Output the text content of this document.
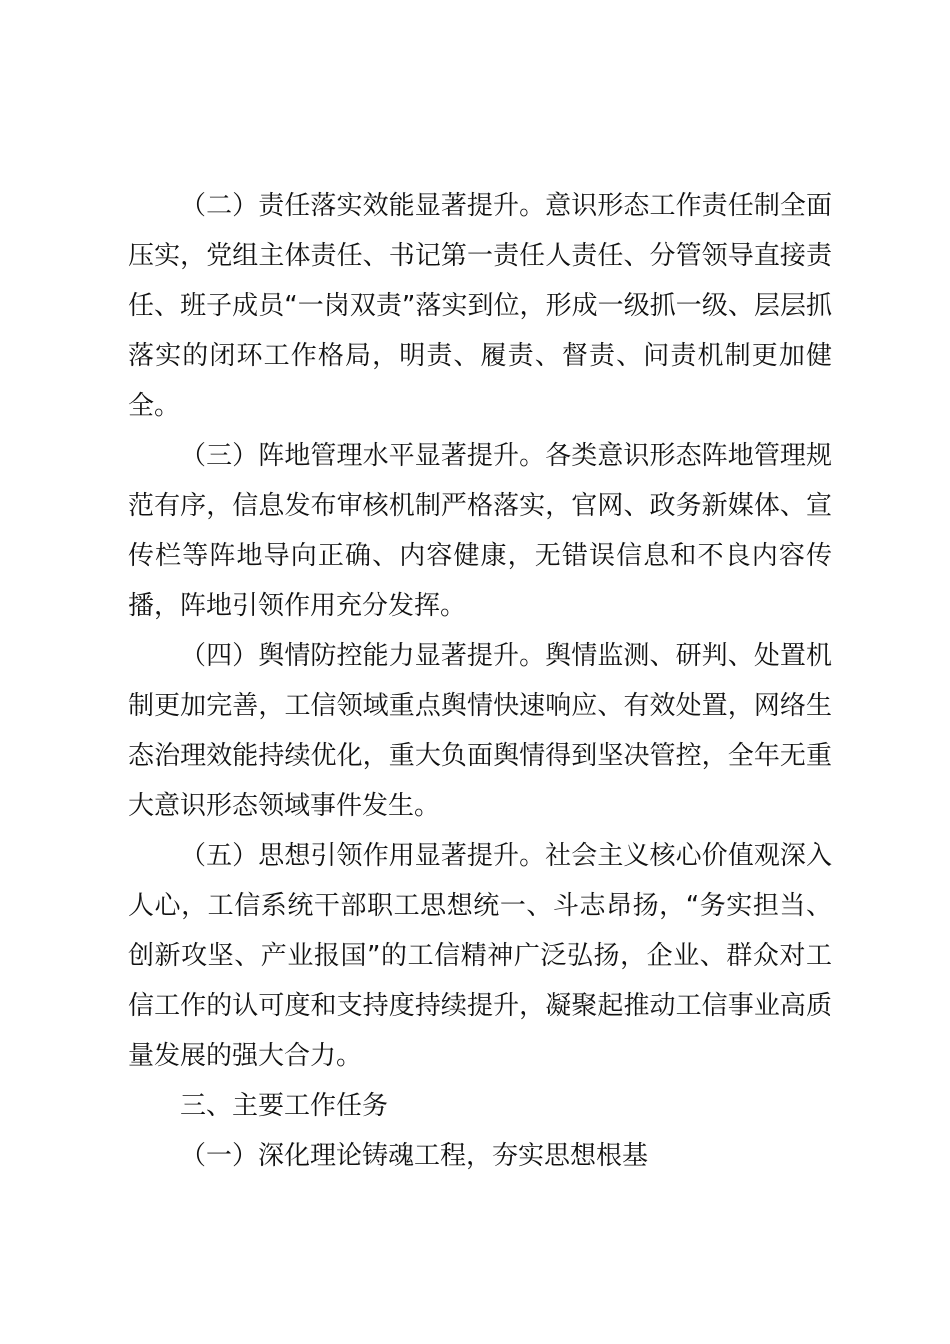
（二）责任落实效能显著提升。意识形态工作责任制全面压实，党组主体责任、书记第一责任人责任、分管领导直接责任、班子成员“一岗双责”落实到位，形成一级抓一级、层层抓落实的闭环工作格局，明责、履责、督责、问责机制更加健全。

（三）阵地管理水平显著提升。各类意识形态阵地管理规范有序，信息发布审核机制严格落实，官网、政务新媒体、宣传栏等阵地导向正确、内容健康，无错误信息和不良内容传播，阵地引领作用充分发挥。

（四）舆情防控能力显著提升。舆情监测、研判、处置机制更加完善，工信领域重点舆情快速响应、有效处置，网络生态治理效能持续优化，重大负面舆情得到坚决管控，全年无重大意识形态领域事件发生。

（五）思想引领作用显著提升。社会主义核心价值观深入人心，工信系统干部职工思想统一、斗志昂扬，“务实担当、创新攻坚、产业报国”的工信精神广泛弘扬，企业、群众对工信工作的认可度和支持度持续提升，凝聚起推动工信事业高质量发展的强大合力。

三、主要工作任务

（一）深化理论铸魂工程，夯实思想根基
